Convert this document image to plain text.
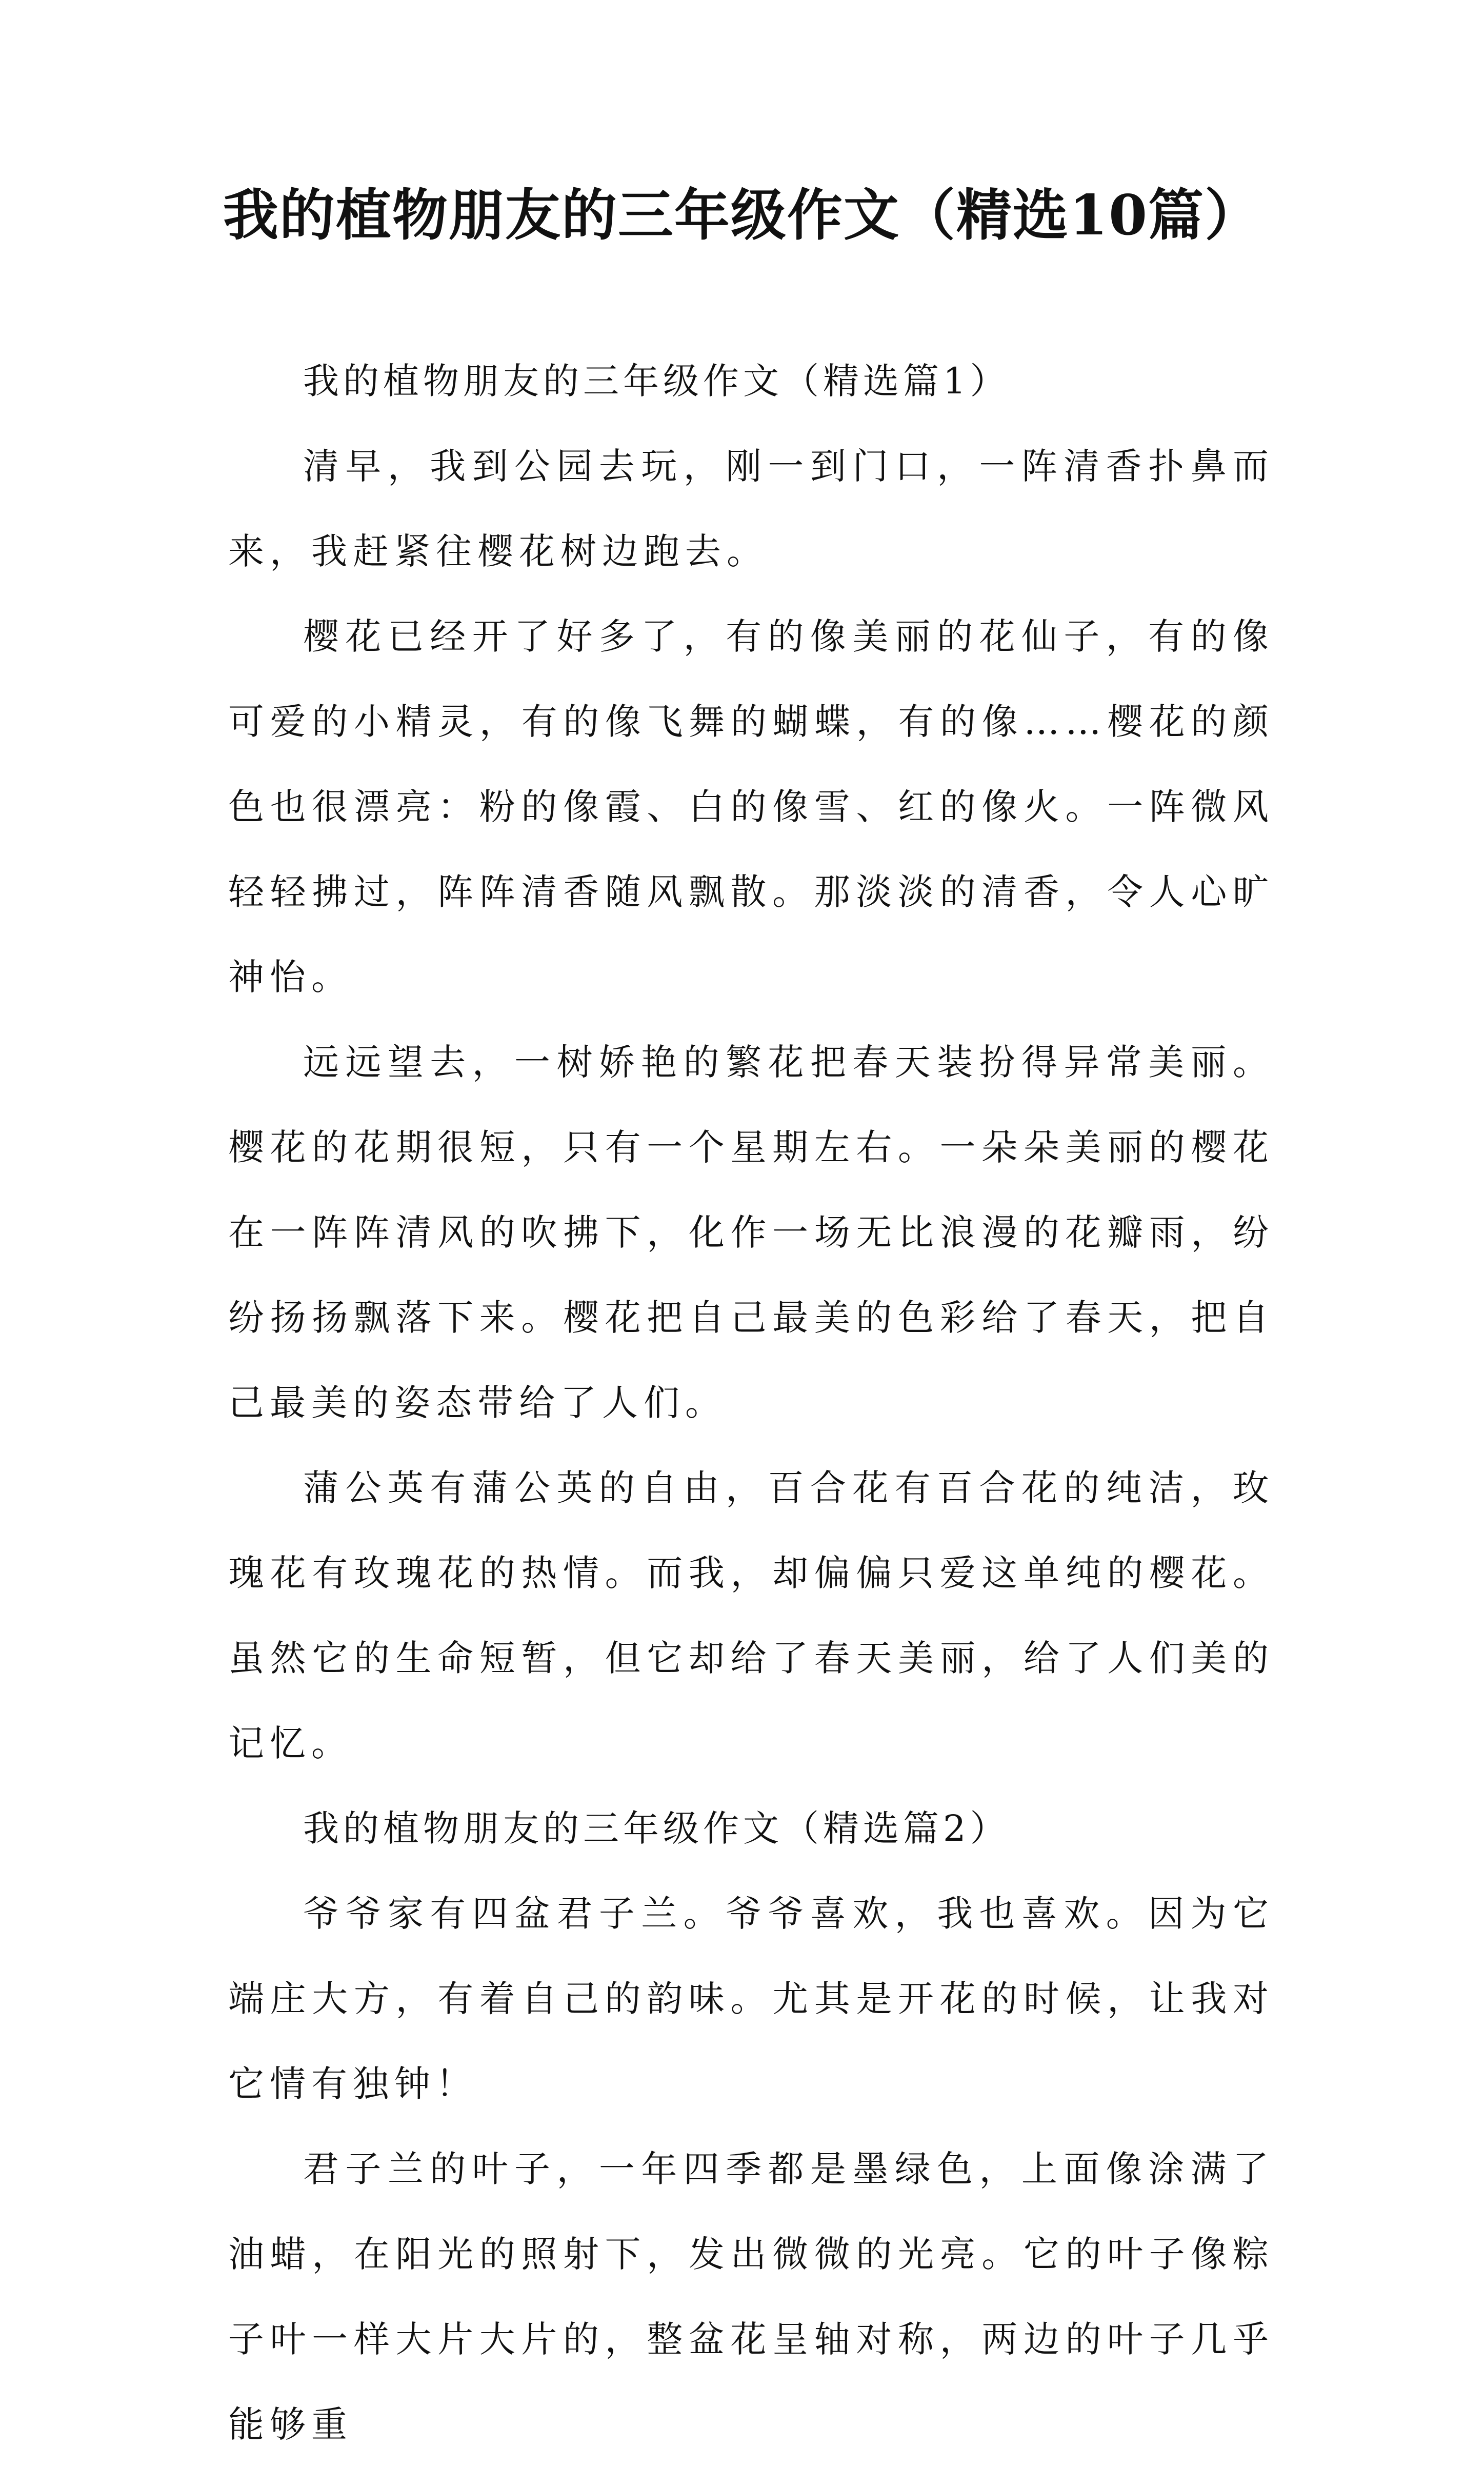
我的植物朋友的三年级作文（精选10篇）

我的植物朋友的三年级作文（精选篇1）

清早，我到公园去玩，刚一到门口，一阵清香扑鼻而来，我赶紧往樱花树边跑去。

樱花已经开了好多了，有的像美丽的花仙子，有的像可爱的小精灵，有的像飞舞的蝴蝶，有的像……樱花的颜色也很漂亮：粉的像霞、白的像雪、红的像火。一阵微风轻轻拂过，阵阵清香随风飘散。那淡淡的清香，令人心旷神怡。

远远望去，一树娇艳的繁花把春天装扮得异常美丽。樱花的花期很短，只有一个星期左右。一朵朵美丽的樱花在一阵阵清风的吹拂下，化作一场无比浪漫的花瓣雨，纷纷扬扬飘落下来。樱花把自己最美的色彩给了春天，把自己最美的姿态带给了人们。

蒲公英有蒲公英的自由，百合花有百合花的纯洁，玫瑰花有玫瑰花的热情。而我，却偏偏只爱这单纯的樱花。虽然它的生命短暂，但它却给了春天美丽，给了人们美的记忆。

我的植物朋友的三年级作文（精选篇2）

爷爷家有四盆君子兰。爷爷喜欢，我也喜欢。因为它端庄大方，有着自己的韵味。尤其是开花的时候，让我对它情有独钟！

君子兰的叶子，一年四季都是墨绿色，上面像涂满了油蜡，在阳光的照射下，发出微微的光亮。它的叶子像粽子叶一样大片大片的，整盆花呈轴对称，两边的叶子几乎能够重
